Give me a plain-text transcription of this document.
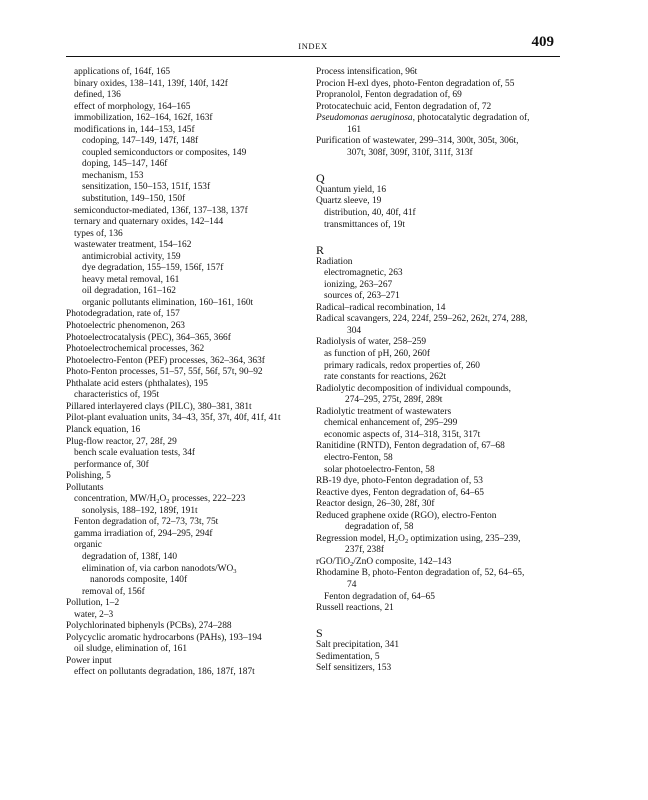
INDEX	409
applications of, 164f, 165
binary oxides, 138–141, 139f, 140f, 142f
defined, 136
effect of morphology, 164–165
immobilization, 162–164, 162f, 163f
modifications in, 144–153, 145f
codoping, 147–149, 147f, 148f
coupled semiconductors or composites, 149
doping, 145–147, 146f
mechanism, 153
sensitization, 150–153, 151f, 153f
substitution, 149–150, 150f
semiconductor-mediated, 136f, 137–138, 137f
ternary and quaternary oxides, 142–144
types of, 136
wastewater treatment, 154–162
antimicrobial activity, 159
dye degradation, 155–159, 156f, 157f
heavy metal removal, 161
oil degradation, 161–162
organic pollutants elimination, 160–161, 160t
Photodegradation, rate of, 157
Photoelectric phenomenon, 263
Photoelectrocatalysis (PEC), 364–365, 366f
Photoelectrochemical processes, 362
Photoelectro-Fenton (PEF) processes, 362–364, 363f
Photo-Fenton processes, 51–57, 55f, 56f, 57t, 90–92
Phthalate acid esters (phthalates), 195
characteristics of, 195t
Pillared interlayered clays (PILC), 380–381, 381t
Pilot-plant evaluation units, 34–43, 35f, 37t, 40f, 41f, 41t
Planck equation, 16
Plug-flow reactor, 27, 28f, 29
bench scale evaluation tests, 34f
performance of, 30f
Polishing, 5
Pollutants
concentration, $MW/H_2O_2$ processes, 222–223
sonolysis, 188–192, 189f, 191t
Fenton degradation of, 72–73, 73t, 75t
gamma irradiation of, 294–295, 294f
organic
degradation of, 138f, 140
elimination of, via carbon nanodots/$WO_3$
nanorods composite, 140f
removal of, 156f
Pollution, 1–2
water, 2–3
Polychlorinated biphenyls (PCBs), 274–288
Polycyclic aromatic hydrocarbons (PAHs), 193–194
oil sludge, elimination of, 161
Power input
effect on pollutants degradation, 186, 187f, 187t
Process intensification, 96t
Procion H-exl dyes, photo-Fenton degradation of, 55
Propranolol, Fenton degradation of, 69
Protocatechuic acid, Fenton degradation of, 72
Pseudomonas aeruginosa, photocatalytic degradation of,
161
Purification of wastewater, 299–314, 300t, 305t, 306t,
307t, 308f, 309f, 310f, 311f, 313f
Q
Quantum yield, 16
Quartz sleeve, 19
distribution, 40, 40f, 41f
transmittances of, 19t
R
Radiation
electromagnetic, 263
ionizing, 263–267
sources of, 263–271
Radical–radical recombination, 14
Radical scavangers, 224, 224f, 259–262, 262t, 274, 288,
304
Radiolysis of water, 258–259
as function of pH, 260, 260f
primary radicals, redox properties of, 260
rate constants for reactions, 262t
Radiolytic decomposition of individual compounds,
274–295, 275t, 289f, 289t
Radiolytic treatment of wastewaters
chemical enhancement of, 295–299
economic aspects of, 314–318, 315t, 317t
Ranitidine (RNTD), Fenton degradation of, 67–68
electro-Fenton, 58
solar photoelectro-Fenton, 58
RB-19 dye, photo-Fenton degradation of, 53
Reactive dyes, Fenton degradation of, 64–65
Reactor design, 26–30, 28f, 30f
Reduced graphene oxide (RGO), electro-Fenton
degradation of, 58
Regression model, $H_2O_2$ optimization using, 235–239,
237f, 238f
rGO/TiO$_2$/ZnO composite, 142–143
Rhodamine B, photo-Fenton degradation of, 52, 64–65,
74
Fenton degradation of, 64–65
Russell reactions, 21
S
Salt precipitation, 341
Sedimentation, 5
Self sensitizers, 153
